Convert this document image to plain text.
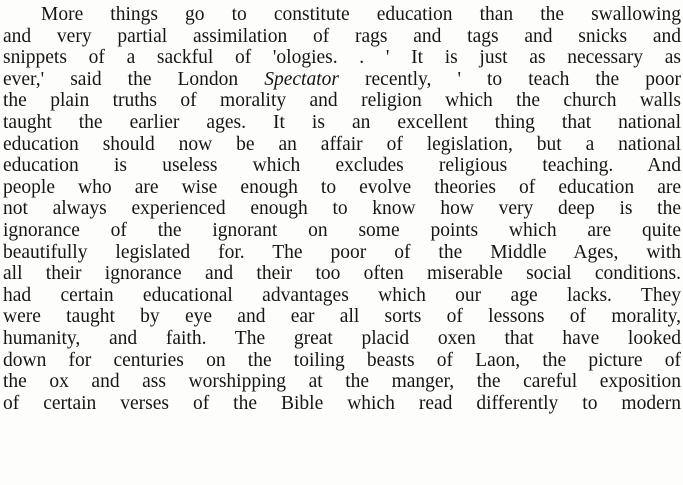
More things go to constitute education than the swallowing
and very partial assimilation of rags and tags and snicks and
snippets of a sackful of 'ologies. . ' It is just as necessary as
ever,' said the London Spectator recently, ' to teach the poor
the plain truths of morality and religion which the church walls
taught the earlier ages. It is an excellent thing that national
education should now be an affair of legislation, but a national
education is useless which excludes religious teaching. And
people who are wise enough to evolve theories of education are
not always experienced enough to know how very deep is the
ignorance of the ignorant on some points which are quite
beautifully legislated for. The poor of the Middle Ages, with
all their ignorance and their too often miserable social conditions.
had certain educational advantages which our age lacks. They
were taught by eye and ear all sorts of lessons of morality,
humanity, and faith. The great placid oxen that have looked
down for centuries on the toiling beasts of Laon, the picture of
the ox and ass worshipping at the manger, the careful exposition
of certain verses of the Bible which read differently to modern
